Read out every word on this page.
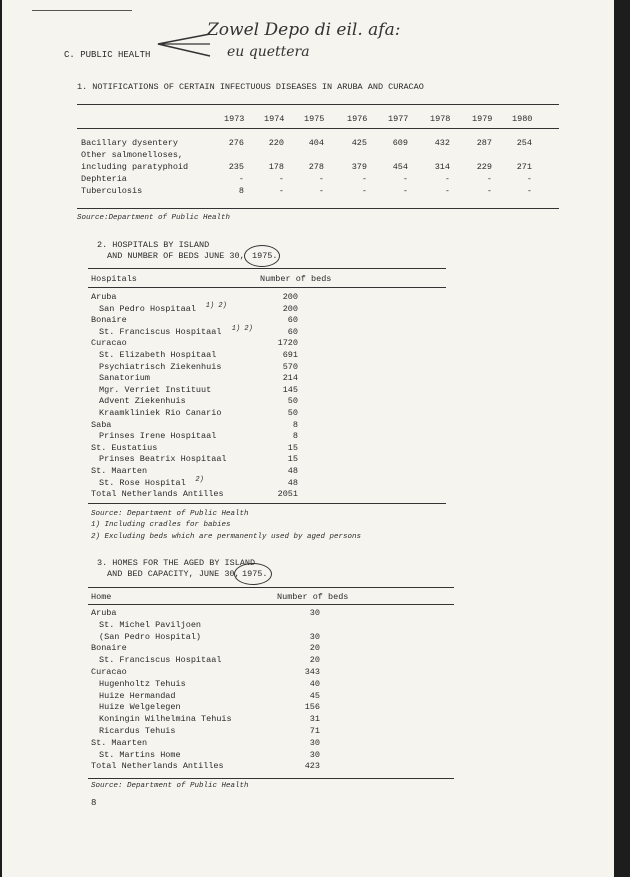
C. PUBLIC HEALTH
Zowel Depo di eil. afa:
eu quettera
1. NOTIFICATIONS OF CERTAIN INFECTUOUS DISEASES IN ARUBA AND CURACAO
1973 1974 1975	1976 1977	1978	1979 1980
Bacillary dysentery	276	220	404	425	609	432	287	254
Other salmonelloses,
including paratyphoid	235	178	278	379	454	314	229	271
Dephteria	-	-	-	-	-	-	-	-
Tuberculosis	8	-	-	-	-	-	-	-
Source:Department of Public Health
2. HOSPITALS BY ISLAND
AND NUMBER OF BEDS JUNE 30, 1975.
Hospitals	Number of beds
Aruba	200
San Pedro Hospitaal 1) 2)	200
Bonaire	60
St. Franciscus Hospitaal 1) 2)	60
Curacao	1720
St. Elizabeth Hospitaal	691
Psychiatrisch Ziekenhuis	570
Sanatorium	214
Mgr. Verriet Instituut	145
Advent Ziekenhuis	50
Kraamkliniek Rio Canario	50
Saba	8
Prinses Irene Hospitaal	8
St. Eustatius	15
Prinses Beatrix Hospitaal	15
St. Maarten	48
St. Rose Hospital 2)	48
Total Netherlands Antilles	2051
Source: Department of Public Health
1) Including cradles for babies
2) Excluding beds which are permanently used by aged persons
3. HOMES FOR THE AGED BY ISLAND
AND BED CAPACITY, JUNE 30, 1975.
Home	Number of beds
Aruba	30
St. Michel Paviljoen
(San Pedro Hospital)	30
Bonaire	20
St. Franciscus Hospitaal	20
Curacao	343
Hugenholtz Tehuis	40
Huize Hermandad	45
Huize Welgelegen	156
Koningin Wilhelmina Tehuis	31
Ricardus Tehuis	71
St. Maarten	30
St. Martins Home	30
Total Netherlands Antilles	423
Source: Department of Public Health
8
